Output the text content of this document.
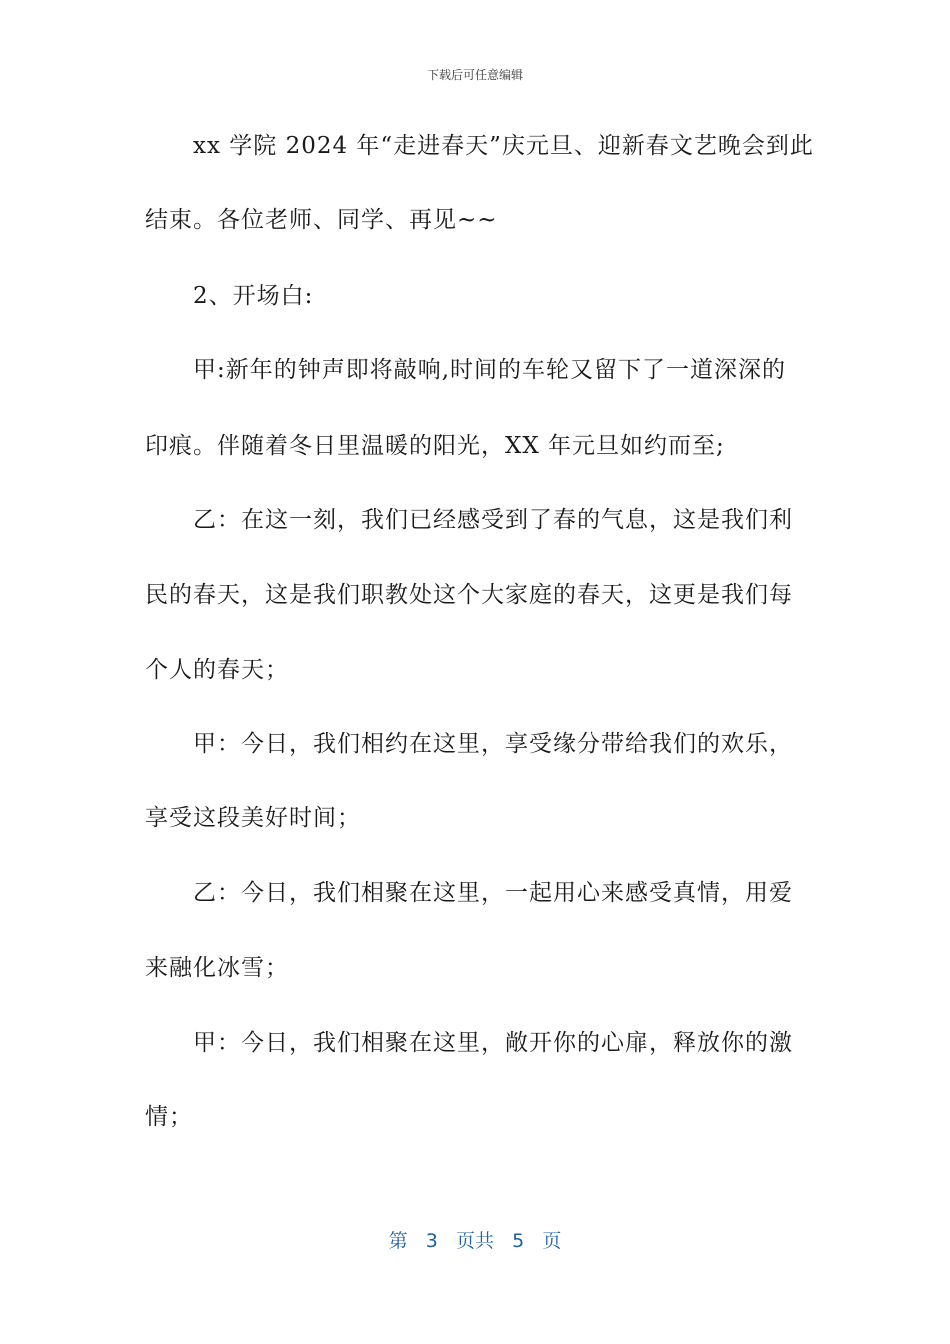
下载后可任意编辑
xx 学院 2024 年“走进春天”庆元旦、迎新春文艺晚会到此
结束。各位老师、同学、再见~~
2、开场白:
甲:新年的钟声即将敲响,时间的车轮又留下了一道深深的
印痕。伴随着冬日里温暖的阳光，XX 年元旦如约而至;
乙：在这一刻，我们已经感受到了春的气息，这是我们利
民的春天，这是我们职教处这个大家庭的春天，这更是我们每
个人的春天；
甲：今日，我们相约在这里，享受缘分带给我们的欢乐，
享受这段美好时间；
乙：今日，我们相聚在这里，一起用心来感受真情，用爱
来融化冰雪；
甲：今日，我们相聚在这里，敞开你的心扉，释放你的激
情；
第 3 页共 5 页
